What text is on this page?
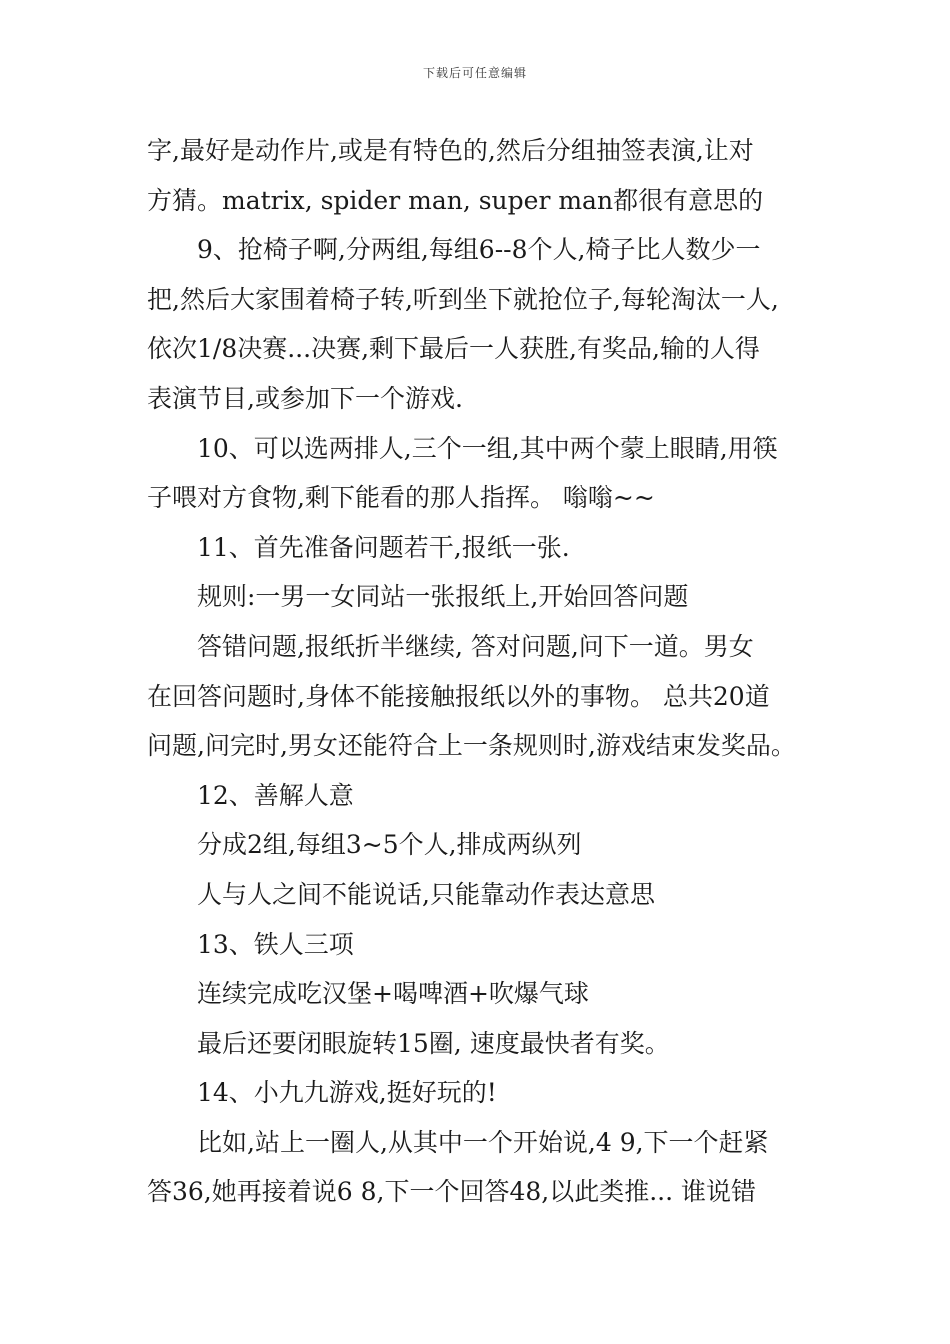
下载后可任意编辑
字,最好是动作片,或是有特色的,然后分组抽签表演,让对
方猜。matrix, spider man, super man都很有意思的
9、抢椅子啊,分两组,每组6--8个人,椅子比人数少一
把,然后大家围着椅子转,听到坐下就抢位子,每轮淘汰一人,
依次1/8决赛...决赛,剩下最后一人获胜,有奖品,输的人得
表演节目,或参加下一个游戏.
10、可以选两排人,三个一组,其中两个蒙上眼睛,用筷
子喂对方食物,剩下能看的那人指挥。 嗡嗡~~
11、首先准备问题若干,报纸一张.
规则:一男一女同站一张报纸上,开始回答问题
答错问题,报纸折半继续, 答对问题,问下一道。男女
在回答问题时,身体不能接触报纸以外的事物。 总共20道
问题,问完时,男女还能符合上一条规则时,游戏结束发奖品。
12、善解人意
分成2组,每组3~5个人,排成两纵列
人与人之间不能说话,只能靠动作表达意思
13、铁人三项
连续完成吃汉堡+喝啤酒+吹爆气球
最后还要闭眼旋转15圈, 速度最快者有奖。
14、小九九游戏,挺好玩的!
比如,站上一圈人,从其中一个开始说,4 9,下一个赶紧
答36,她再接着说6 8,下一个回答48,以此类推... 谁说错
